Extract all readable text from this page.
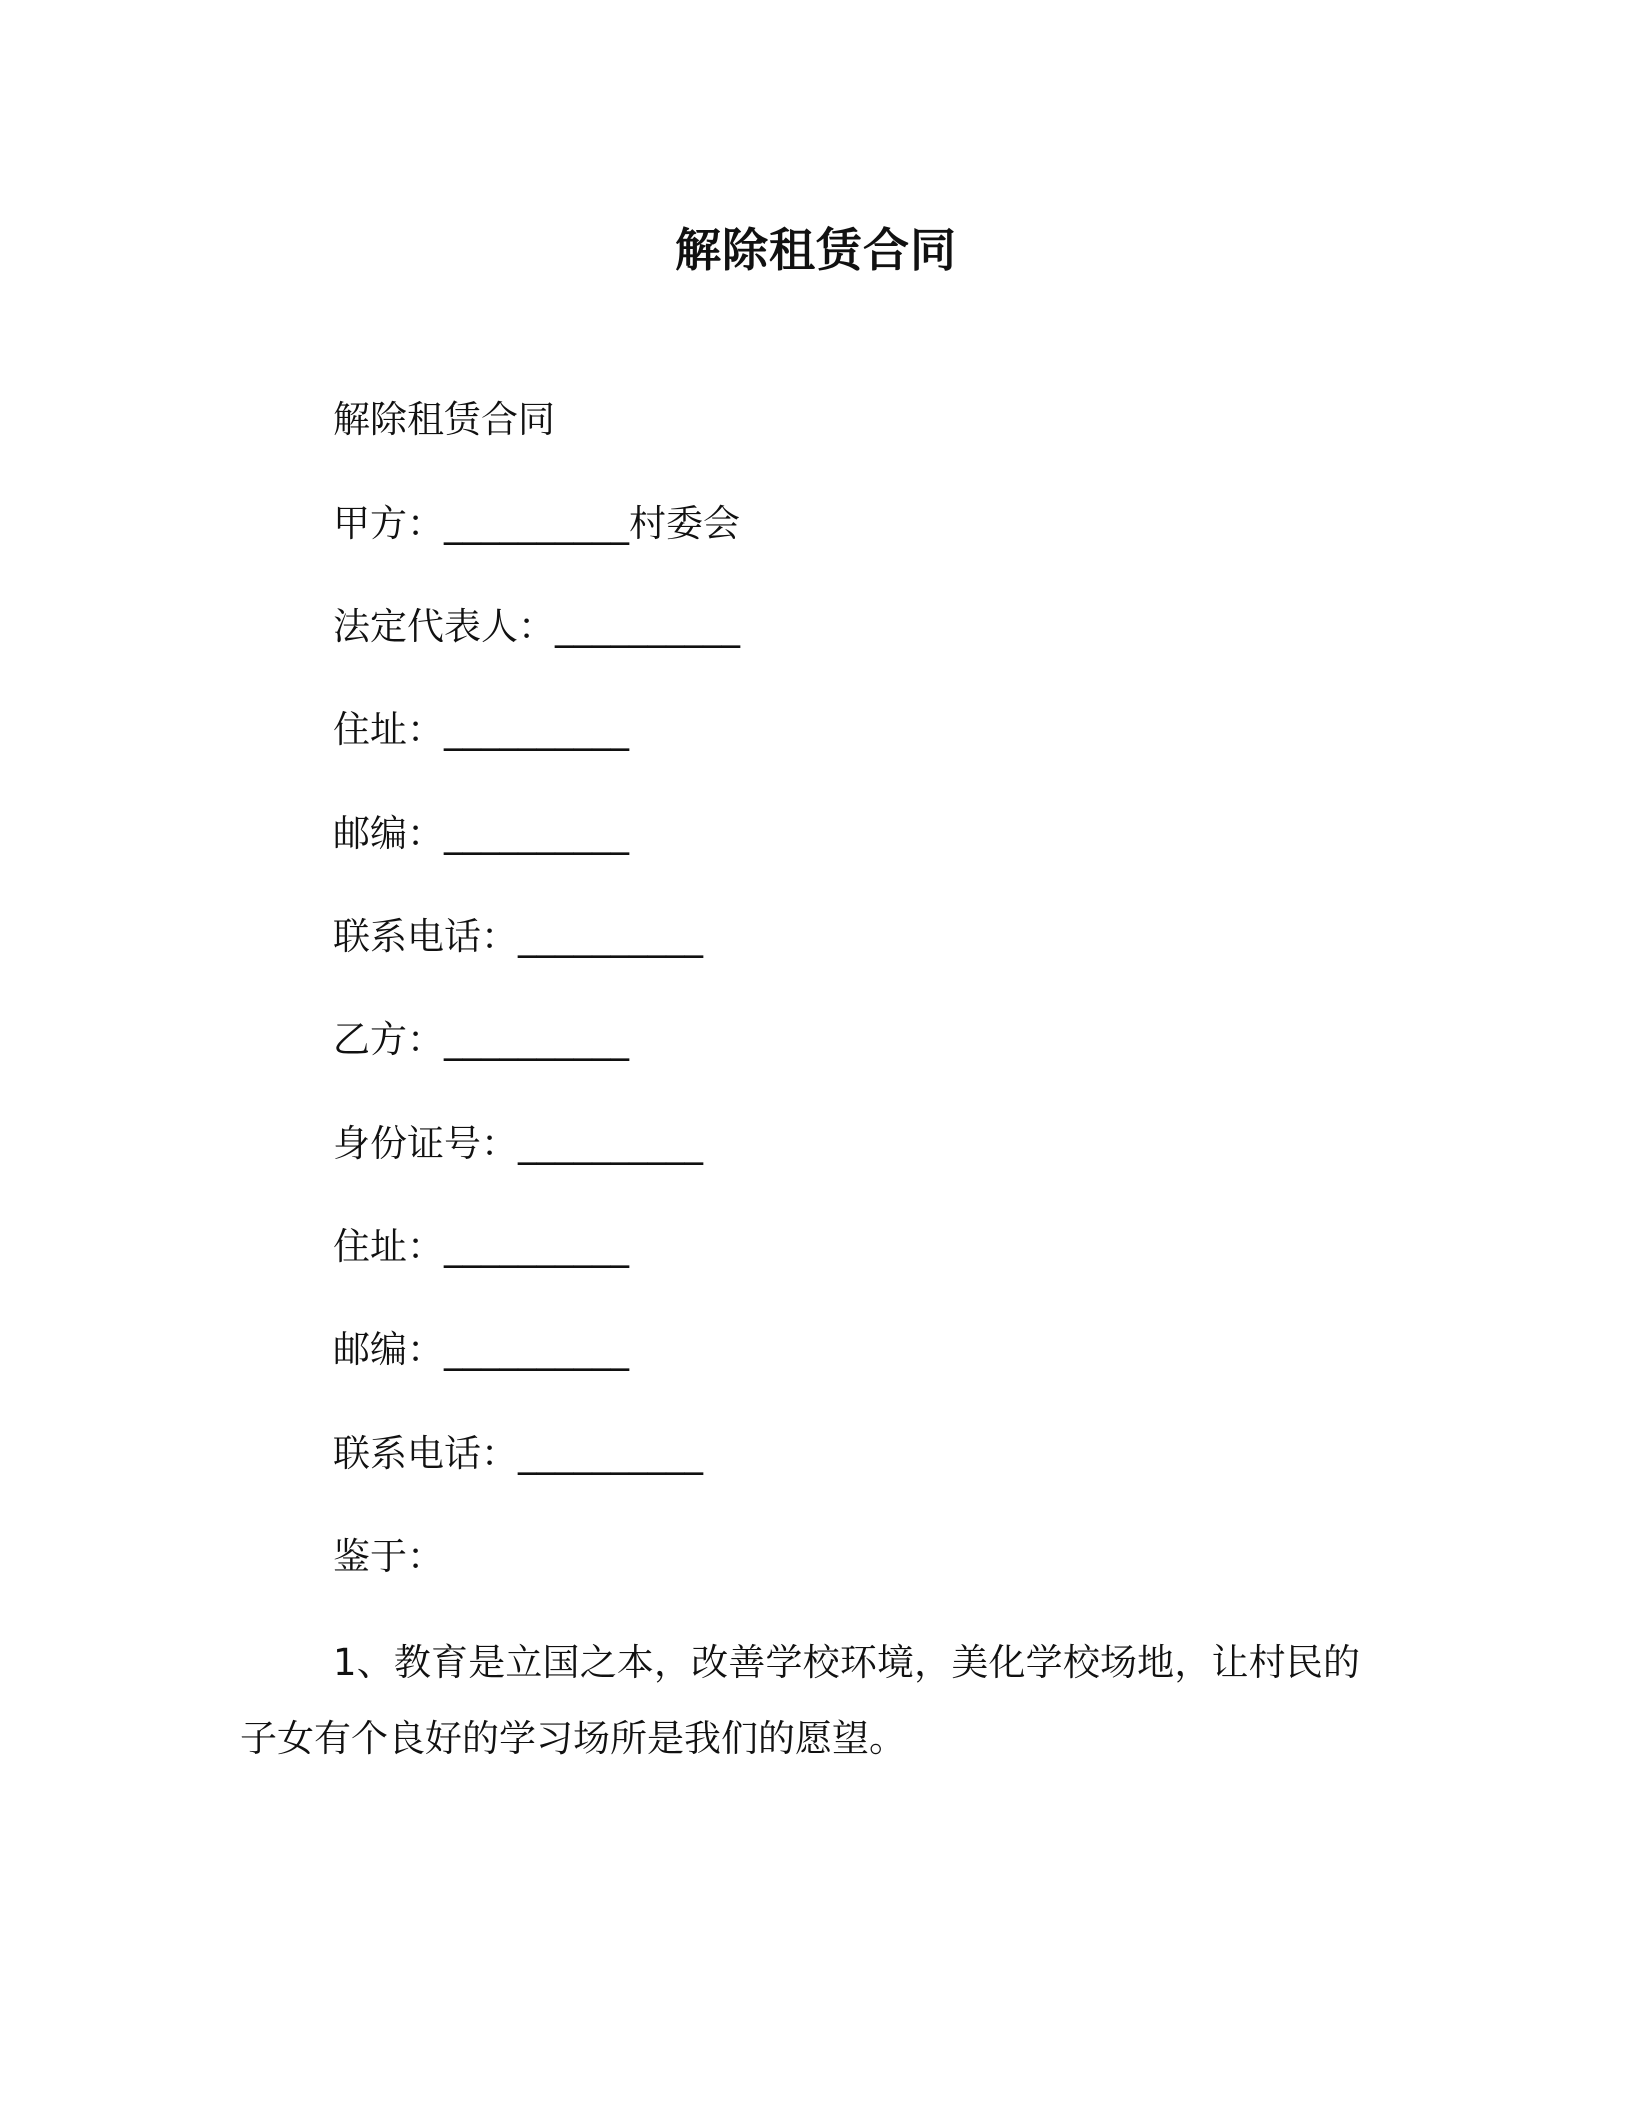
解除租赁合同
解除租赁合同
甲方：__________村委会
法定代表人：__________
住址：__________
邮编：__________
联系电话：__________
乙方：__________
身份证号：__________
住址：__________
邮编：__________
联系电话：__________
鉴于：
1、教育是立国之本，改善学校环境，美化学校场地，让村民的子女有个良好的学习场所是我们的愿望。
